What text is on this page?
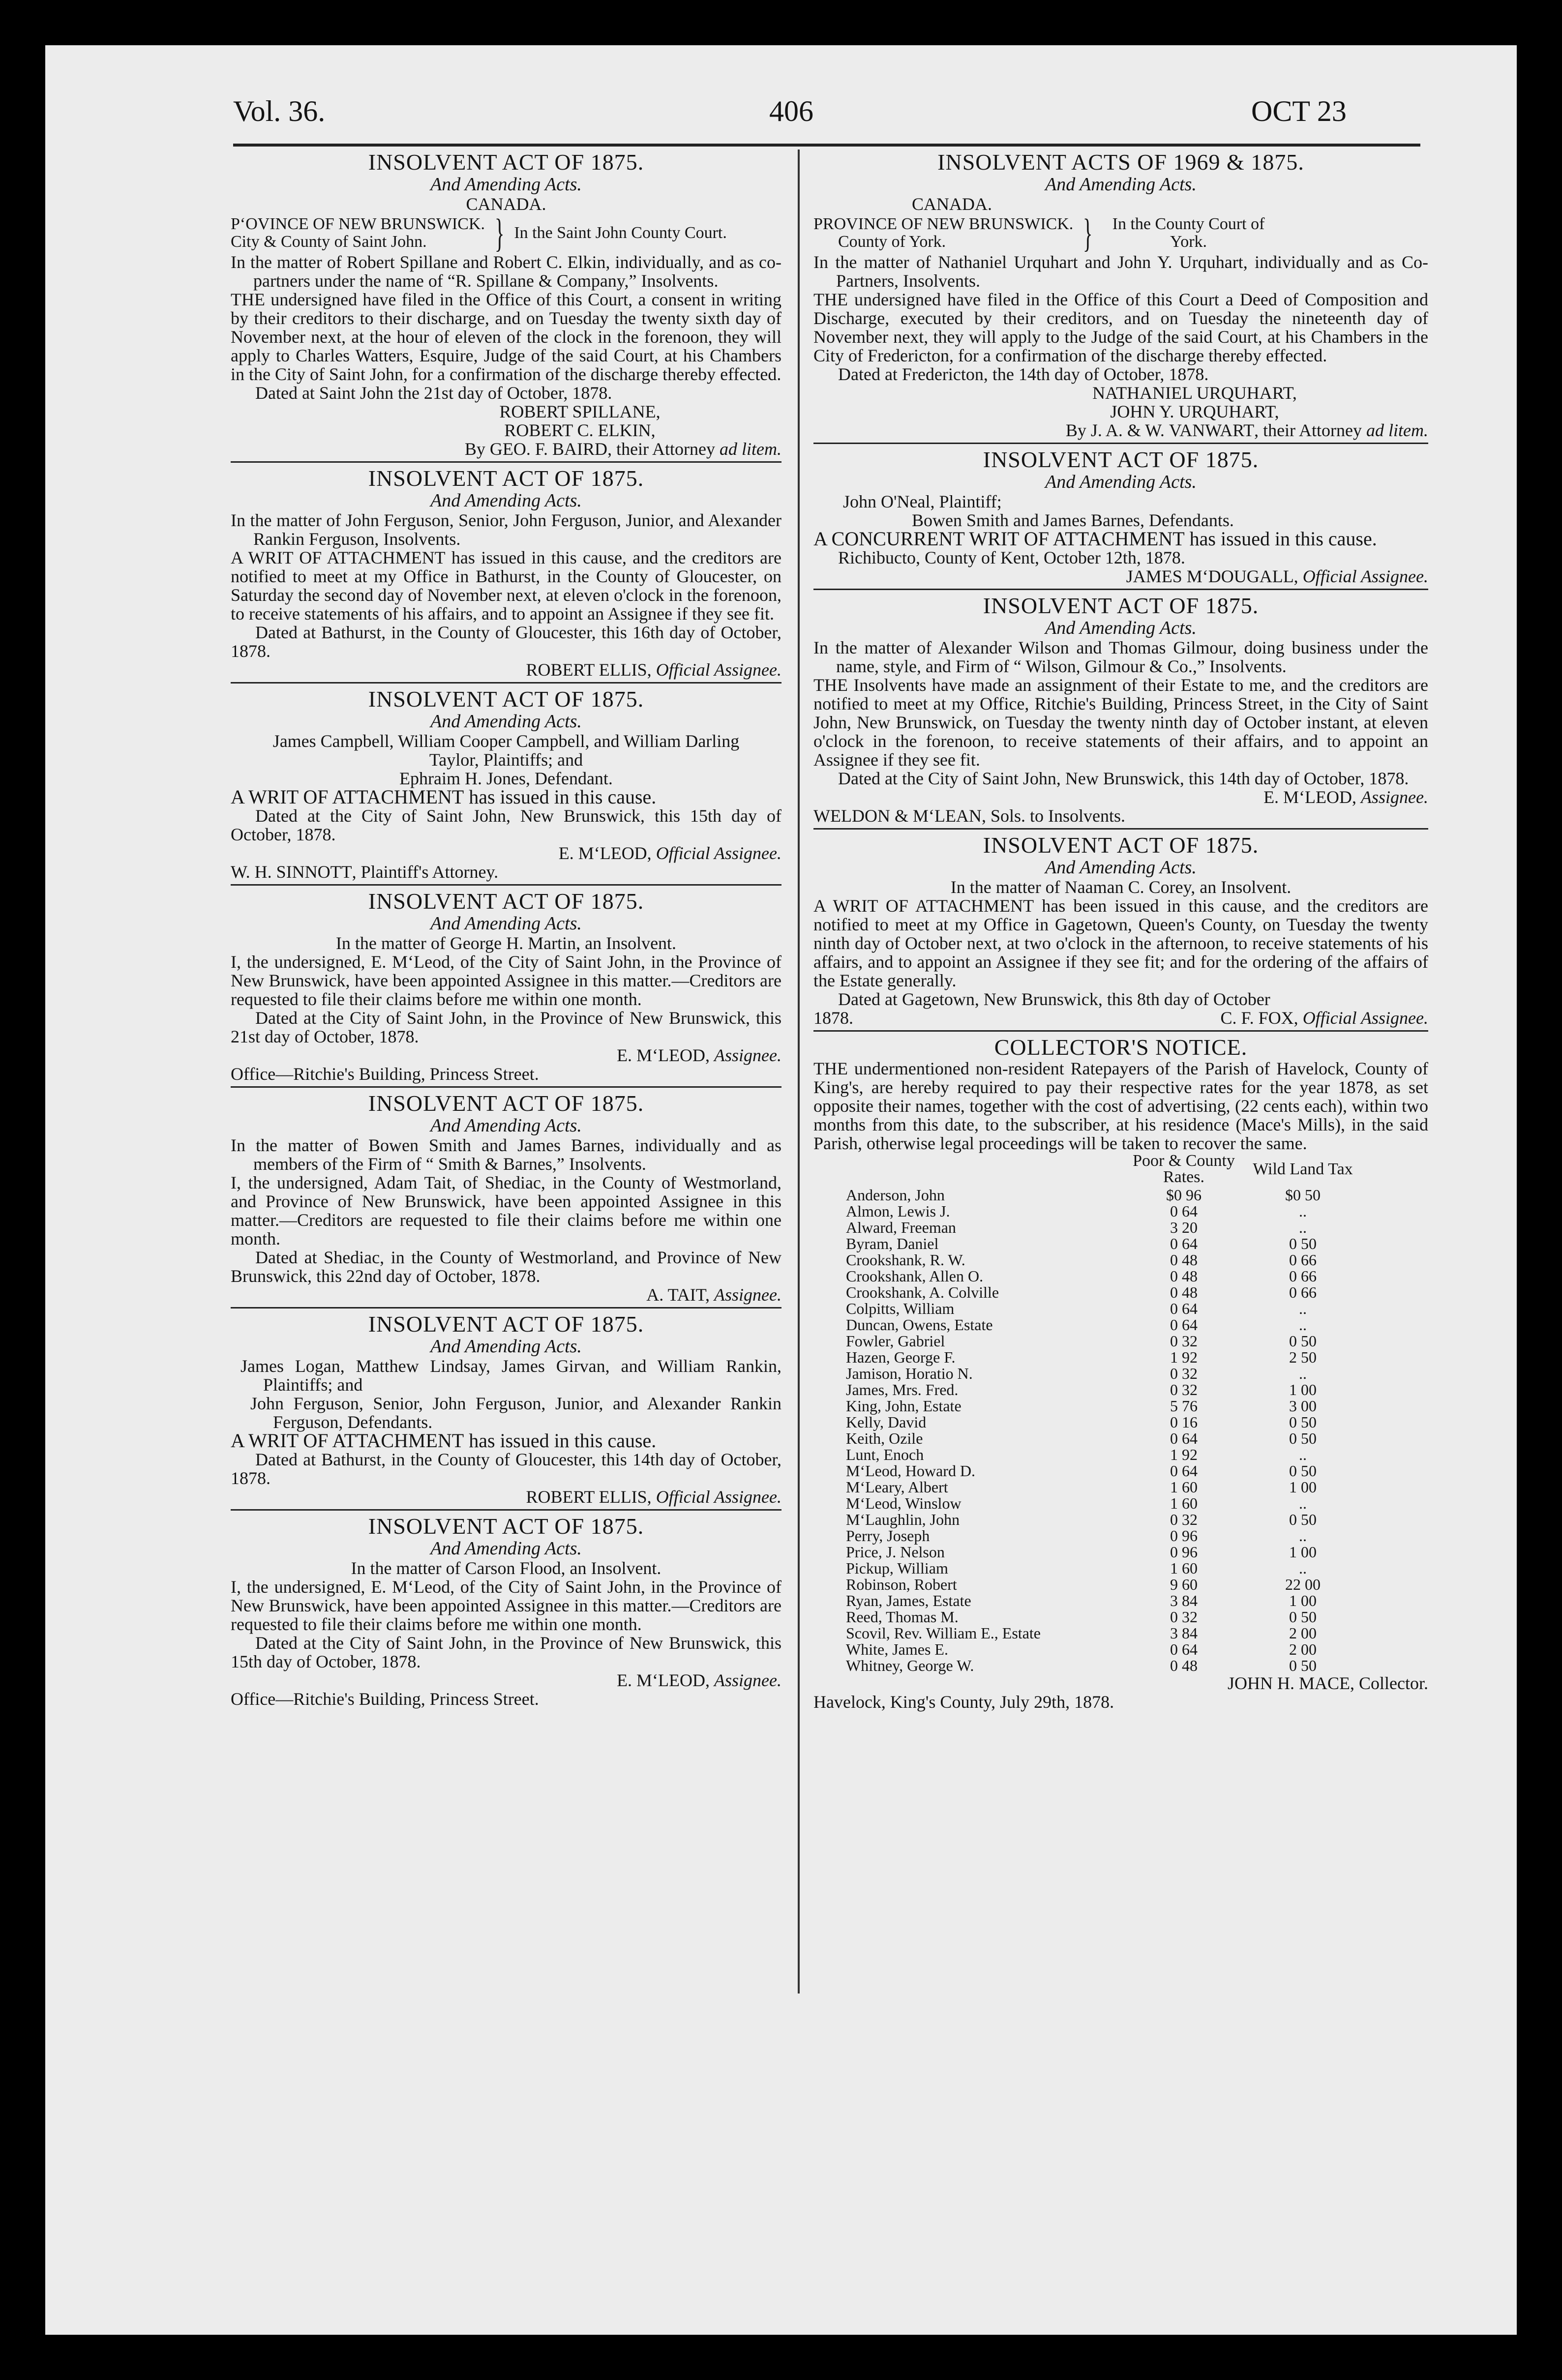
Vol. 36.	406	OCT 23
INSOLVENT ACT OF 1875.
And Amending Acts.
CANADA.
PʻOVINCE OF NEW BRUNSWICK.
City & County of Saint John.	} In the Saint John County Court.

In the matter of Robert Spillane and Robert C. Elkin, individually, and as co-partners under the name of “R. Spillane & Company,” Insolvents.

THE undersigned have filed in the Office of this Court, a consent in writing by their creditors to their discharge, and on Tuesday the twenty sixth day of November next, at the hour of eleven of the clock in the forenoon, they will apply to Charles Watters, Esquire, Judge of the said Court, at his Chambers in the City of Saint John, for a confirmation of the discharge thereby effected.

Dated at Saint John the 21st day of October, 1878.

ROBERT SPILLANE,
ROBERT C. ELKIN,
By GEO. F. BAIRD, their Attorney ad litem.
INSOLVENT ACT OF 1875.
And Amending Acts.

In the matter of John Ferguson, Senior, John Ferguson, Junior, and Alexander Rankin Ferguson, Insolvents.

A WRIT OF ATTACHMENT has issued in this cause, and the creditors are notified to meet at my Office in Bathurst, in the County of Gloucester, on Saturday the second day of November next, at eleven o'clock in the forenoon, to receive statements of his affairs, and to appoint an Assignee if they see fit.

Dated at Bathurst, in the County of Gloucester, this 16th day of October, 1878.

ROBERT ELLIS, Official Assignee.
INSOLVENT ACT OF 1875.
And Amending Acts.

James Campbell, William Cooper Campbell, and William Darling Taylor, Plaintiffs; and

Ephraim H. Jones, Defendant.

A WRIT OF ATTACHMENT has issued in this cause.

Dated at the City of Saint John, New Brunswick, this 15th day of October, 1878.

E. M‘LEOD, Official Assignee.
W. H. SINNOTT, Plaintiff's Attorney.
INSOLVENT ACT OF 1875.
And Amending Acts.
In the matter of George H. Martin, an Insolvent.

I, the undersigned, E. M‘Leod, of the City of Saint John, in the Province of New Brunswick, have been appointed Assignee in this matter.—Creditors are requested to file their claims before me within one month.

Dated at the City of Saint John, in the Province of New Brunswick, this 21st day of October, 1878.

E. M‘LEOD, Assignee.
Office—Ritchie's Building, Princess Street.
INSOLVENT ACT OF 1875.
And Amending Acts.

In the matter of Bowen Smith and James Barnes, individually and as members of the Firm of “ Smith & Barnes,” Insolvents.

I, the undersigned, Adam Tait, of Shediac, in the County of Westmorland, and Province of New Brunswick, have been appointed Assignee in this matter.—Creditors are requested to file their claims before me within one month.

Dated at Shediac, in the County of Westmorland, and Province of New Brunswick, this 22nd day of October, 1878.

A. TAIT, Assignee.
INSOLVENT ACT OF 1875.
And Amending Acts.

James Logan, Matthew Lindsay, James Girvan, and William Rankin, Plaintiffs; and

John Ferguson, Senior, John Ferguson, Junior, and Alexander Rankin Ferguson, Defendants.

A WRIT OF ATTACHMENT has issued in this cause.

Dated at Bathurst, in the County of Gloucester, this 14th day of October, 1878.

ROBERT ELLIS, Official Assignee.
INSOLVENT ACT OF 1875.
And Amending Acts.
In the matter of Carson Flood, an Insolvent.

I, the undersigned, E. M‘Leod, of the City of Saint John, in the Province of New Brunswick, have been appointed Assignee in this matter.—Creditors are requested to file their claims before me within one month.

Dated at the City of Saint John, in the Province of New Brunswick, this 15th day of October, 1878.

E. M‘LEOD, Assignee.
Office—Ritchie's Building, Princess Street.
INSOLVENT ACTS OF 1969 & 1875.
And Amending Acts.
CANADA.
PROVINCE OF NEW BRUNSWICK.
County of York.	} In the County Court of
York.

In the matter of Nathaniel Urquhart and John Y. Urquhart, individually and as Co-Partners, Insolvents.

THE undersigned have filed in the Office of this Court a Deed of Composition and Discharge, executed by their creditors, and on Tuesday the nineteenth day of November next, they will apply to the Judge of the said Court, at his Chambers in the City of Fredericton, for a confirmation of the discharge thereby effected.

Dated at Fredericton, the 14th day of October, 1878.

NATHANIEL URQUHART,
JOHN Y. URQUHART,
By J. A. & W. VANWART, their Attorney ad litem.
INSOLVENT ACT OF 1875.
And Amending Acts.
John O'Neal, Plaintiff;
Bowen Smith and James Barnes, Defendants.

A CONCURRENT WRIT OF ATTACHMENT has issued in this cause.

Richibucto, County of Kent, October 12th, 1878.

JAMES M‘DOUGALL, Official Assignee.
INSOLVENT ACT OF 1875.
And Amending Acts.

In the matter of Alexander Wilson and Thomas Gilmour, doing business under the name, style, and Firm of “ Wilson, Gilmour & Co.,” Insolvents.

THE Insolvents have made an assignment of their Estate to me, and the creditors are notified to meet at my Office, Ritchie's Building, Princess Street, in the City of Saint John, New Brunswick, on Tuesday the twenty ninth day of October instant, at eleven o'clock in the forenoon, to receive statements of their affairs, and to appoint an Assignee if they see fit.

Dated at the City of Saint John, New Brunswick, this 14th day of October, 1878.

E. M‘LEOD, Assignee.
WELDON & M‘LEAN, Sols. to Insolvents.
INSOLVENT ACT OF 1875.
And Amending Acts.
In the matter of Naaman C. Corey, an Insolvent.

A WRIT OF ATTACHMENT has been issued in this cause, and the creditors are notified to meet at my Office in Gagetown, Queen's County, on Tuesday the twenty ninth day of October next, at two o'clock in the afternoon, to receive statements of his affairs, and to appoint an Assignee if they see fit; and for the ordering of the affairs of the Estate generally.

Dated at Gagetown, New Brunswick, this 8th day of October

1878.	C. F. FOX, Official Assignee.
COLLECTOR'S NOTICE.

THE undermentioned non-resident Ratepayers of the Parish of Havelock, County of King's, are hereby required to pay their respective rates for the year 1878, as set opposite their names, together with the cost of advertising, (22 cents each), within two months from this date, to the subscriber, at his residence (Mace's Mills), in the said Parish, otherwise legal proceedings will be taken to recover the same.

	Poor & County Rates.	Wild Land Tax
Anderson, John	$0 96	$0 50
Almon, Lewis J.	0 64	..
Alward, Freeman	3 20	..
Byram, Daniel	0 64	0 50
Crookshank, R. W.	0 48	0 66
Crookshank, Allen O.	0 48	0 66
Crookshank, A. Colville	0 48	0 66
Colpitts, William	0 64	..
Duncan, Owens, Estate	0 64	..
Fowler, Gabriel	0 32	0 50
Hazen, George F.	1 92	2 50
Jamison, Horatio N.	0 32	..
James, Mrs. Fred.	0 32	1 00
King, John, Estate	5 76	3 00
Kelly, David	0 16	0 50
Keith, Ozile	0 64	0 50
Lunt, Enoch	1 92	..
M‘Leod, Howard D.	0 64	0 50
M‘Leary, Albert	1 60	1 00
M‘Leod, Winslow	1 60	..
M‘Laughlin, John	0 32	0 50
Perry, Joseph	0 96	..
Price, J. Nelson	0 96	1 00
Pickup, William	1 60	..
Robinson, Robert	9 60	22 00
Ryan, James, Estate	3 84	1 00
Reed, Thomas M.	0 32	0 50
Scovil, Rev. William E., Estate	3 84	2 00
White, James E.	0 64	2 00
Whitney, George W.	0 48	0 50
JOHN H. MACE, Collector.
Havelock, King's County, July 29th, 1878.
